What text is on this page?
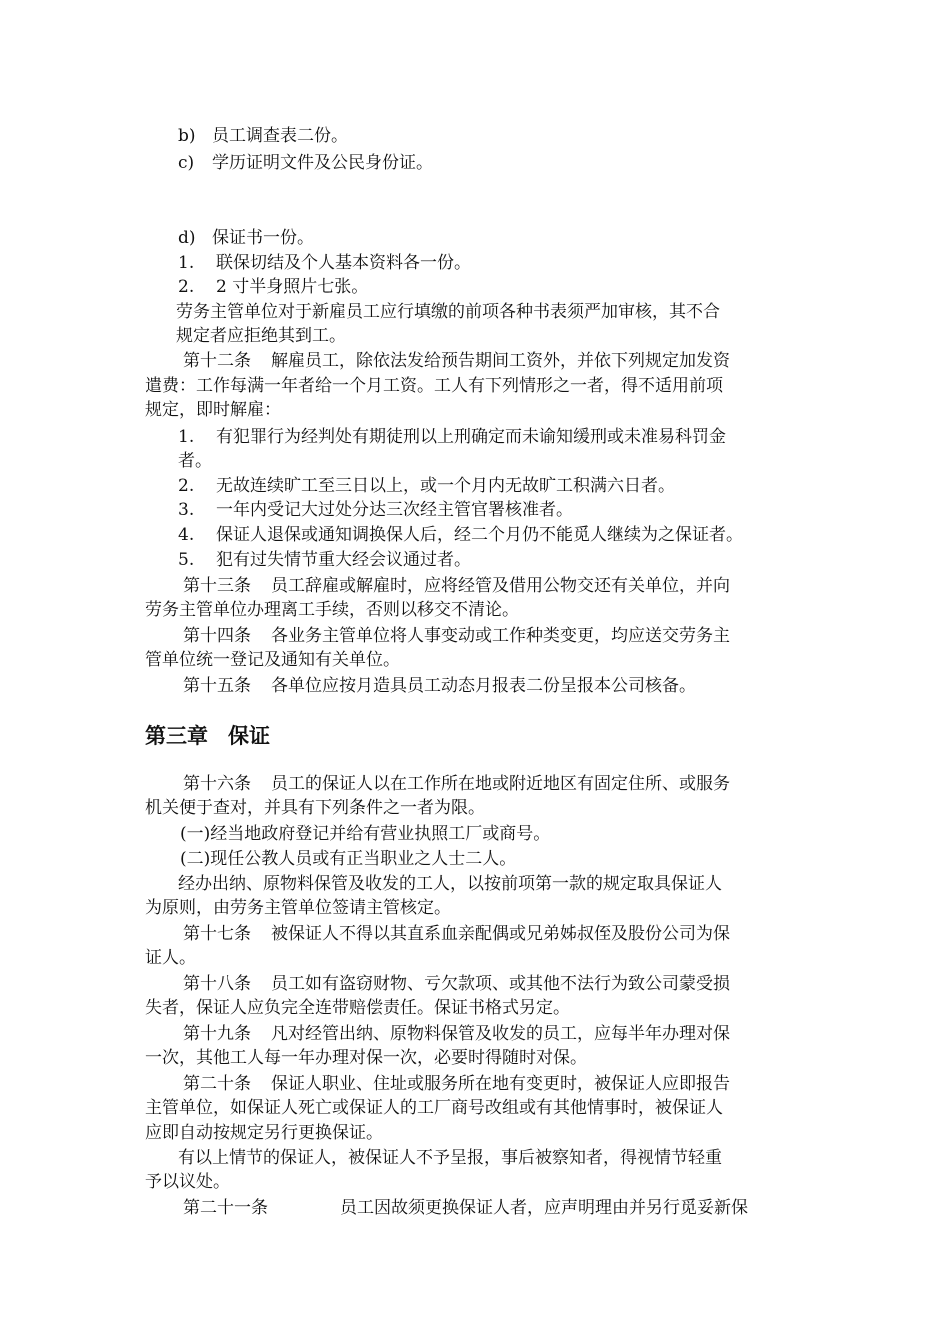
b) 员工调查表二份。
c) 学历证明文件及公民身份证。
d) 保证书一份。
1. 联保切结及个人基本资料各一份。
2. 2 寸半身照片七张。
劳务主管单位对于新雇员工应行填缴的前项各种书表须严加审核，其不合
规定者应拒绝其到工。
第十二条 解雇员工，除依法发给预告期间工资外，并依下列规定加发资
遣费：工作每满一年者给一个月工资。工人有下列情形之一者，得不适用前项
规定，即时解雇：
1. 有犯罪行为经判处有期徒刑以上刑确定而未谕知缓刑或未准易科罚金
者。
2. 无故连续旷工至三日以上，或一个月内无故旷工积满六日者。
3. 一年内受记大过处分达三次经主管官署核准者。
4. 保证人退保或通知调换保人后，经二个月仍不能觅人继续为之保证者。
5. 犯有过失情节重大经会议通过者。
第十三条 员工辞雇或解雇时，应将经管及借用公物交还有关单位，并向
劳务主管单位办理离工手续，否则以移交不清论。
第十四条 各业务主管单位将人事变动或工作种类变更，均应送交劳务主
管单位统一登记及通知有关单位。
第十五条 各单位应按月造具员工动态月报表二份呈报本公司核备。
第三章 保证
第十六条 员工的保证人以在工作所在地或附近地区有固定住所、或服务
机关便于查对，并具有下列条件之一者为限。
(一)经当地政府登记并给有营业执照工厂或商号。
(二)现任公教人员或有正当职业之人士二人。
经办出纳、原物料保管及收发的工人，以按前项第一款的规定取具保证人
为原则，由劳务主管单位签请主管核定。
第十七条 被保证人不得以其直系血亲配偶或兄弟姊叔侄及股份公司为保
证人。
第十八条 员工如有盗窃财物、亏欠款项、或其他不法行为致公司蒙受损
失者，保证人应负完全连带赔偿责任。保证书格式另定。
第十九条 凡对经管出纳、原物料保管及收发的员工，应每半年办理对保
一次，其他工人每一年办理对保一次，必要时得随时对保。
第二十条 保证人职业、住址或服务所在地有变更时，被保证人应即报告
主管单位，如保证人死亡或保证人的工厂商号改组或有其他情事时，被保证人
应即自动按规定另行更换保证。
有以上情节的保证人，被保证人不予呈报，事后被察知者，得视情节轻重
予以议处。
第二十一条	员工因故须更换保证人者，应声明理由并另行觅妥新保
